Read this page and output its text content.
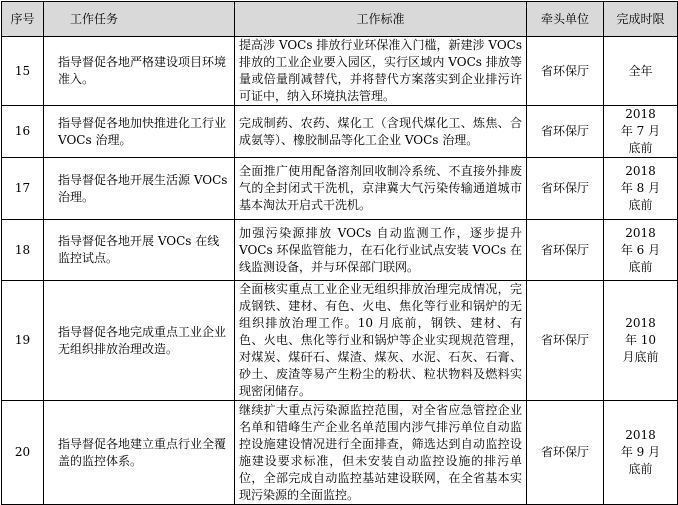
序号	工作任务	工作标准	牵头单位	完成时限
15	指导督促各地严格建设项目环境准入。	提高涉 VOCs 排放行业环保准入门槛，新建涉 VOCs 排放的工业企业要入园区，实行区域内 VOCs 排放等量或倍量削减替代，并将替代方案落实到企业排污许可证中，纳入环境执法管理。	省环保厅	全年
16	指导督促各地加快推进化工行业 VOCs 治理。	完成制药、农药、煤化工（含现代煤化工、炼焦、合成氨等）、橡胶制品等化工企业 VOCs 治理。	省环保厅	2018 年 7 月底前
17	指导督促各地开展生活源 VOCs 治理。	全面推广使用配备溶剂回收制冷系统、不直接外排废气的全封闭式干洗机，京津冀大气污染传输通道城市基本淘汰开启式干洗机。	省环保厅	2018 年 8 月底前
18	指导督促各地开展 VOCs 在线监控试点。	加强污染源排放 VOCs 自动监测工作，逐步提升 VOCs 环保监管能力，在石化行业试点安装 VOCs 在线监测设备，并与环保部门联网。	省环保厅	2018 年 6 月底前
19	指导督促各地完成重点工业企业无组织排放治理改造。	全面核实重点工业企业无组织排放治理完成情况，完成钢铁、建材、有色、火电、焦化等行业和锅炉的无组织排放治理工作。10 月底前，钢铁、建材、有色、火电、焦化等行业和锅炉等企业实现规范管理，对煤炭、煤矸石、煤渣、煤灰、水泥、石灰、石膏、砂土、废渣等易产生粉尘的粉状、粒状物料及燃料实现密闭储存。	省环保厅	2018 年 10 月底前
20	指导督促各地建立重点行业全覆盖的监控体系。	继续扩大重点污染源监控范围，对全省应急管控企业名单和错峰生产企业名单范围内涉气排污单位自动监控设施建设情况进行全面排查，筛选达到自动监控设施建设要求标准，但未安装自动监控设施的排污单位，全部完成自动监控基站建设联网，在全省基本实现污染源的全面监控。	省环保厅	2018 年 9 月底前
